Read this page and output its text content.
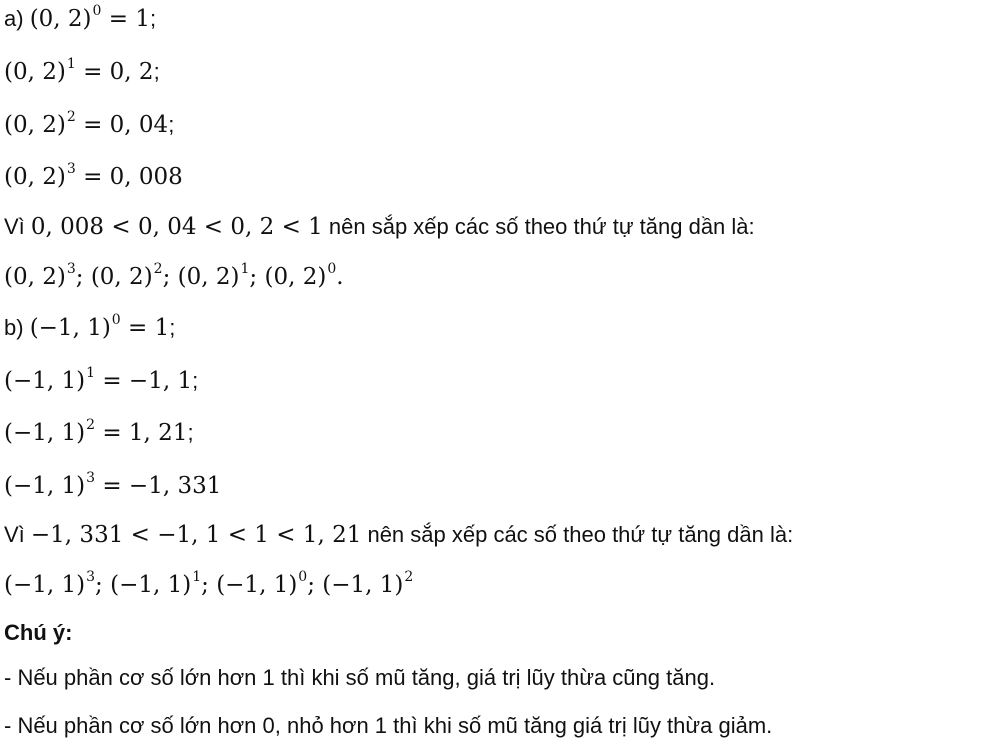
a) (0, 2)$^0$ = 1;
(0, 2)$^1$ = 0, 2;
(0, 2)$^2$ = 0, 04;
(0, 2)$^3$ = 0, 008
Vì 0, 008 < 0, 04 < 0, 2 < 1 nên sắp xếp các số theo thứ tự tăng dần là:
(0, 2)$^3$; (0, 2)$^2$; (0, 2)$^1$; (0, 2)$^0$.
b) (−1, 1)$^0$ = 1;
(−1, 1)$^1$ = −1, 1;
(−1, 1)$^2$ = 1, 21;
(−1, 1)$^3$ = −1, 331
Vì −1, 331 < −1, 1 < 1 < 1, 21 nên sắp xếp các số theo thứ tự tăng dần là:
(−1, 1)$^3$; (−1, 1)$^1$; (−1, 1)$^0$; (−1, 1)$^2$
Chú ý:
- Nếu phần cơ số lớn hơn 1 thì khi số mũ tăng, giá trị lũy thừa cũng tăng.
- Nếu phần cơ số lớn hơn 0, nhỏ hơn 1 thì khi số mũ tăng giá trị lũy thừa giảm.
